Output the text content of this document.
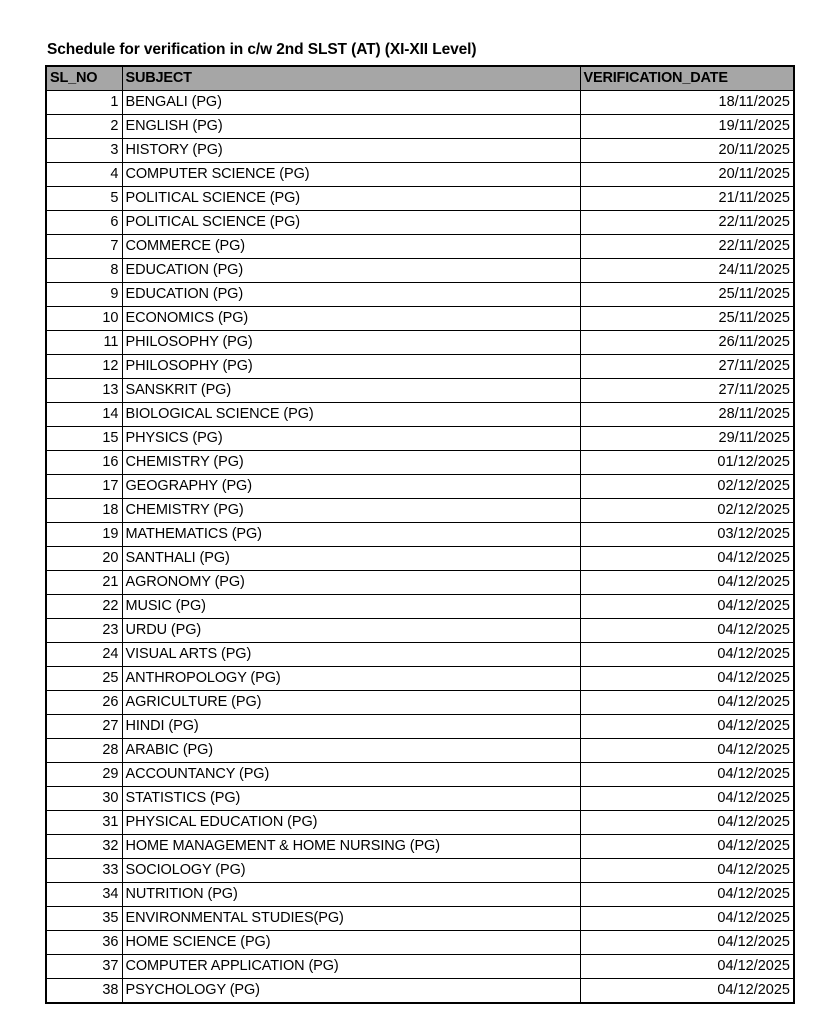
Schedule for verification in c/w 2nd SLST (AT) (XI-XII Level)
SL_NO	SUBJECT	VERIFICATION_DATE
1	BENGALI (PG)	18/11/2025
2	ENGLISH (PG)	19/11/2025
3	HISTORY (PG)	20/11/2025
4	COMPUTER SCIENCE (PG)	20/11/2025
5	POLITICAL SCIENCE (PG)	21/11/2025
6	POLITICAL SCIENCE (PG)	22/11/2025
7	COMMERCE (PG)	22/11/2025
8	EDUCATION (PG)	24/11/2025
9	EDUCATION (PG)	25/11/2025
10	ECONOMICS (PG)	25/11/2025
11	PHILOSOPHY (PG)	26/11/2025
12	PHILOSOPHY (PG)	27/11/2025
13	SANSKRIT (PG)	27/11/2025
14	BIOLOGICAL SCIENCE (PG)	28/11/2025
15	PHYSICS (PG)	29/11/2025
16	CHEMISTRY (PG)	01/12/2025
17	GEOGRAPHY (PG)	02/12/2025
18	CHEMISTRY (PG)	02/12/2025
19	MATHEMATICS (PG)	03/12/2025
20	SANTHALI (PG)	04/12/2025
21	AGRONOMY (PG)	04/12/2025
22	MUSIC (PG)	04/12/2025
23	URDU (PG)	04/12/2025
24	VISUAL ARTS (PG)	04/12/2025
25	ANTHROPOLOGY (PG)	04/12/2025
26	AGRICULTURE (PG)	04/12/2025
27	HINDI (PG)	04/12/2025
28	ARABIC (PG)	04/12/2025
29	ACCOUNTANCY (PG)	04/12/2025
30	STATISTICS (PG)	04/12/2025
31	PHYSICAL EDUCATION (PG)	04/12/2025
32	HOME MANAGEMENT & HOME NURSING (PG)	04/12/2025
33	SOCIOLOGY (PG)	04/12/2025
34	NUTRITION (PG)	04/12/2025
35	ENVIRONMENTAL STUDIES(PG)	04/12/2025
36	HOME SCIENCE (PG)	04/12/2025
37	COMPUTER APPLICATION (PG)	04/12/2025
38	PSYCHOLOGY (PG)	04/12/2025
